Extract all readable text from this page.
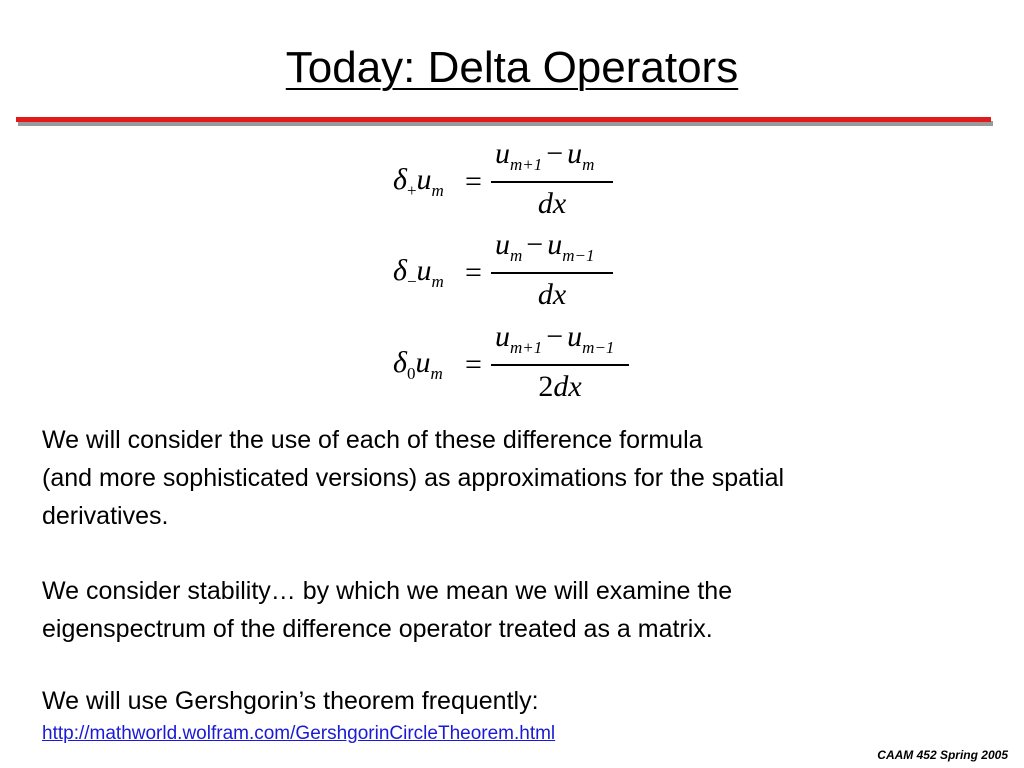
Today: Delta Operators
$\delta_+u_m$ =
$u_{m+1} - u_m$
dx
$\delta_-u_m$ =
$u_m - u_{m-1}$
dx
$\delta_0u_m$ =
$u_{m+1} - u_{m-1}$
2dx
We will consider the use of each of these difference formula
(and more sophisticated versions) as approximations for the spatial
derivatives.
We consider stability… by which we mean we will examine the
eigenspectrum of the difference operator treated as a matrix.
We will use Gershgorin’s theorem frequently:
http://mathworld.wolfram.com/GershgorinCircleTheorem.html
CAAM 452 Spring 2005
